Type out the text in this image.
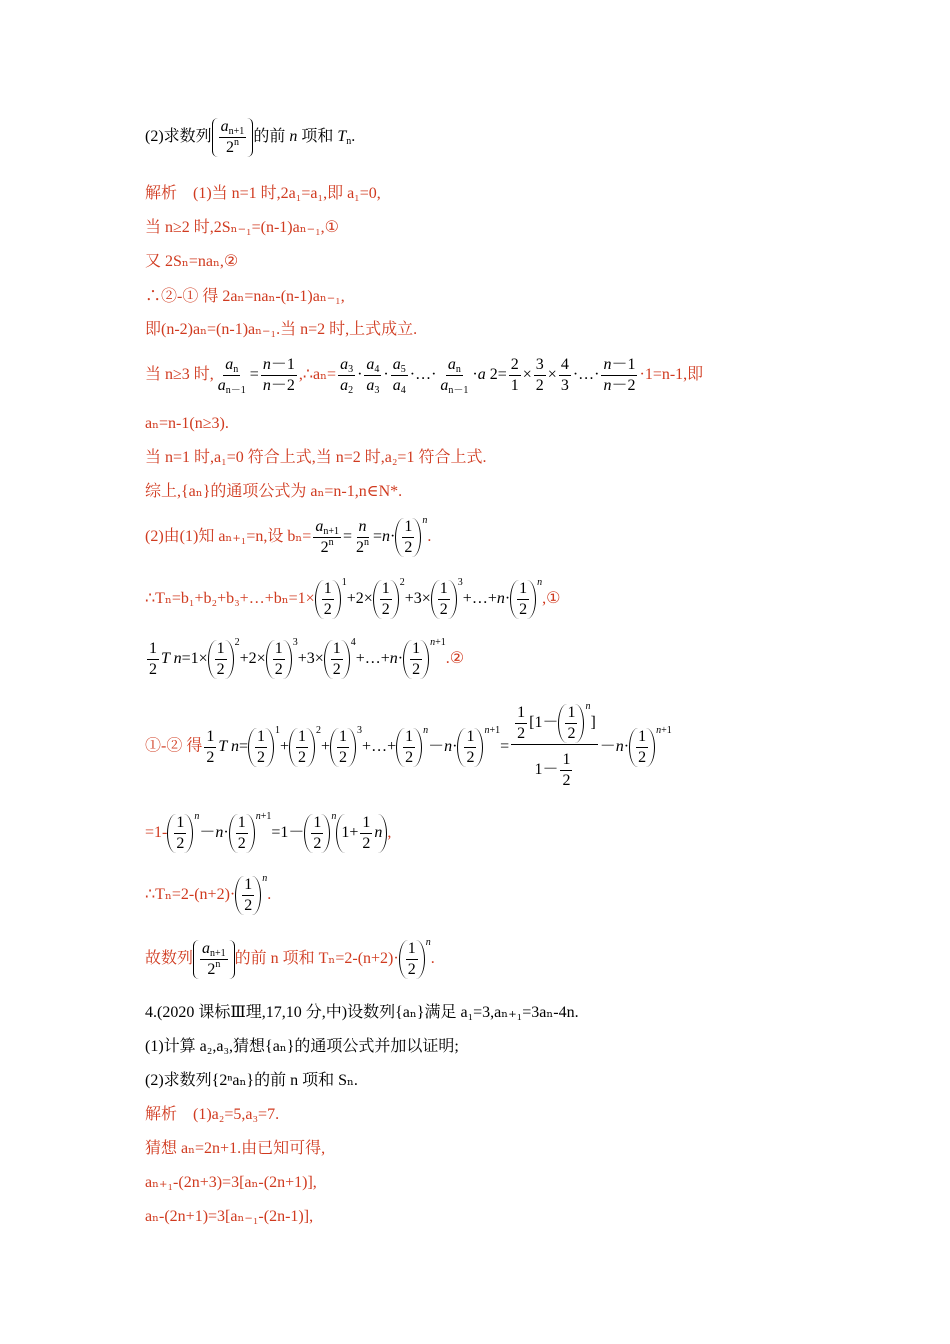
(2)求数列 $\frac{a_{n+1}}{2^n}$ 的前 n 项和 $T_n$.
解析　(1)当 n=1 时,2a₁=a₁,即 a₁=0,
当 n≥2 时,2Sₙ₋₁=(n-1)aₙ₋₁,①
又 2Sₙ=naₙ,②
∴②-① 得 2aₙ=naₙ-(n-1)aₙ₋₁,
即(n-2)aₙ=(n-1)aₙ₋₁.当 n=2 时,上式成立.
当 n≥3 时, $\frac{a_n}{a_{n-1}} = \frac{n-1}{n-2}$ ,∴aₙ= $\frac{a_3}{a_2} \cdot \frac{a_4}{a_3} \cdot \frac{a_5}{a_4}$ ·…· $\frac{a_n}{a_{n-1}} \cdot a$ $2= \frac{2}{1} \times \frac{3}{2} \times \frac{4}{3}$ ·…· $\frac{n-1}{n-2} \cdot 1=n-1$,即
aₙ=n-1(n≥3).
当 n=1 时,a₁=0 符合上式,当 n=2 时,a₂=1 符合上式.
综上,{aₙ}的通项公式为 aₙ=n-1,n∈N*.
(2)由(1)知 aₙ₊₁=n,设 $b_n= \frac{a_{n+1}}{2^n} = \frac{n}{2^n} =n\cdot \frac{1}{2} ^n$.
∴Tₙ=b₁+b₂+b₃+…+bₙ=1× $\frac{1}{2} ^1+2\times \frac{1}{2} ^2+3\times \frac{1}{2}$ $^3$+…+n· $\frac{1}{2}$ $^n$,①
$\frac{1}{2}$ T $n=1\times \frac{1}{2} ^2+2\times \frac{1}{2} ^3+3\times \frac{1}{2}$ $^4$+…+n· $\frac{1}{2}$ $^{n+1}$.②
①-② 得 $\frac{1}{2}$ T $n= \frac{1}{2} ^1+ \frac{1}{2} ^2+ \frac{1}{2}$ $^3$+…+ $\frac{1}{2} ^n-n\cdot \frac{1}{2} ^{n+1}= \frac{\frac{1}{2} [1- \frac{1}{2} ^n]}{1- \frac{1}{2}} -n\cdot \frac{1}{2} ^{n+1}$
$=1- \frac{1}{2} ^n-n\cdot \frac{1}{2} ^{n+1}=1- \frac{1}{2} ^n1+ \frac{1}{2}$ n ,
∴Tₙ=2-(n+2)· $\frac{1}{2} ^n$.
故数列 $\frac{a_{n+1}}{2^n}$ 的前 n 项和 $T_n=2-(n+2)\cdot \frac{1}{2} ^n$.
4.(2020 课标Ⅲ理,17,10 分,中)设数列{aₙ}满足 a₁=3,aₙ₊₁=3aₙ-4n.
(1)计算 a₂,a₃,猜想{aₙ}的通项公式并加以证明;
(2)求数列{2ⁿaₙ}的前 n 项和 Sₙ.
解析　(1)a₂=5,a₃=7.
猜想 aₙ=2n+1.由已知可得,
aₙ₊₁-(2n+3)=3[aₙ-(2n+1)],
aₙ-(2n+1)=3[aₙ₋₁-(2n-1)],
